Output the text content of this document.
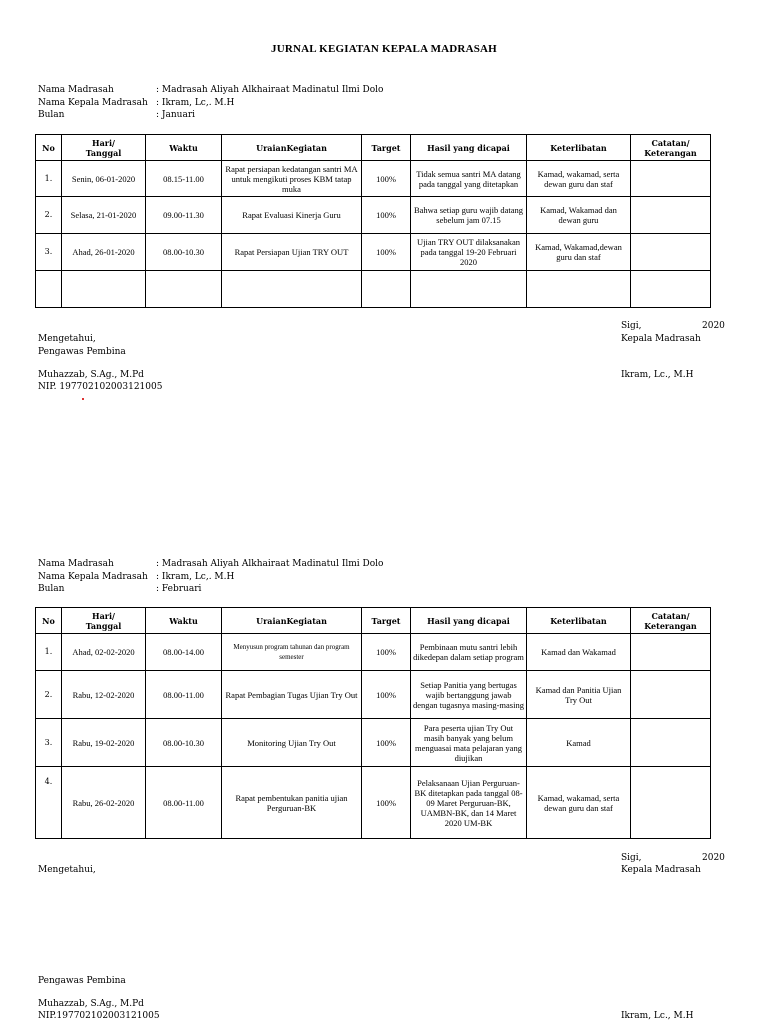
JURNAL KEGIATAN KEPALA MADRASAH
Nama Madrasah	: Madrasah Aliyah Alkhairaat Madinatul Ilmi Dolo
Nama Kepala Madrasah : Ikram, Lc,. M.H
Bulan	: Januari
No	Hari/
Tanggal	Waktu	UraianKegiatan	Target	Hasil yang dicapai	Keterlibatan	Catatan/
Keterangan
1.	Senin, 06-01-2020	08.15-11.00	Rapat persiapan kedatangan santri MA untuk mengikuti proses KBM tatap muka	100%	Tidak semua santri MA datang pada tanggal yang ditetapkan	Kamad, wakamad, serta dewan guru dan staf	
2.	Selasa, 21-01-2020	09.00-11.30	Rapat Evaluasi Kinerja Guru	100%	Bahwa setiap guru wajib datang sebelum jam 07.15	Kamad, Wakamad dan dewan guru	
3.	Ahad, 26-01-2020	08.00-10.30	Rapat Persiapan Ujian TRY OUT	100%	Ujian TRY OUT dilaksanakan pada tanggal 19-20 Februari 2020	Kamad, Wakamad,dewan guru dan staf	

Sigi,	2020
Kepala Madrasah
Mengetahui,
Pengawas Pembina
Muhazzab, S.Ag., M.Pd
NIP. 197702102003121005
Ikram, Lc., M.H
Nama Madrasah	: Madrasah Aliyah Alkhairaat Madinatul Ilmi Dolo
Nama Kepala Madrasah : Ikram, Lc,. M.H
Bulan	: Februari
No	Hari/
Tanggal	Waktu	UraianKegiatan	Target	Hasil yang dicapai	Keterlibatan	Catatan/
Keterangan
1.	Ahad, 02-02-2020	08.00-14.00	Menyusun program tahunan dan program semester	100%	Pembinaan mutu santri lebih dikedepan dalam setiap program	Kamad dan Wakamad	
2.	Rabu, 12-02-2020	08.00-11.00	Rapat Pembagian Tugas Ujian Try Out	100%	Setiap Panitia yang bertugas wajib bertanggung jawab dengan tugasnya masing-masing	Kamad dan Panitia Ujian Try Out	
3.	Rabu, 19-02-2020	08.00-10.30	Monitoring Ujian Try Out	100%	Para peserta ujian Try Out masih banyak yang belum menguasai mata pelajaran yang diujikan	Kamad	
4.	Rabu, 26-02-2020	08.00-11.00	Rapat pembentukan panitia ujian Perguruan-BK	100%	Pelaksanaan Ujian Perguruan-BK ditetapkan pada tanggal 08-09 Maret Perguruan-BK, UAMBN-BK, dan 14 Maret 2020 UM-BK	Kamad, wakamad, serta dewan guru dan staf	
Sigi,	2020
Kepala Madrasah
Mengetahui,
Pengawas Pembina
Muhazzab, S.Ag., M.Pd
NIP.197702102003121005	Ikram, Lc., M.H
